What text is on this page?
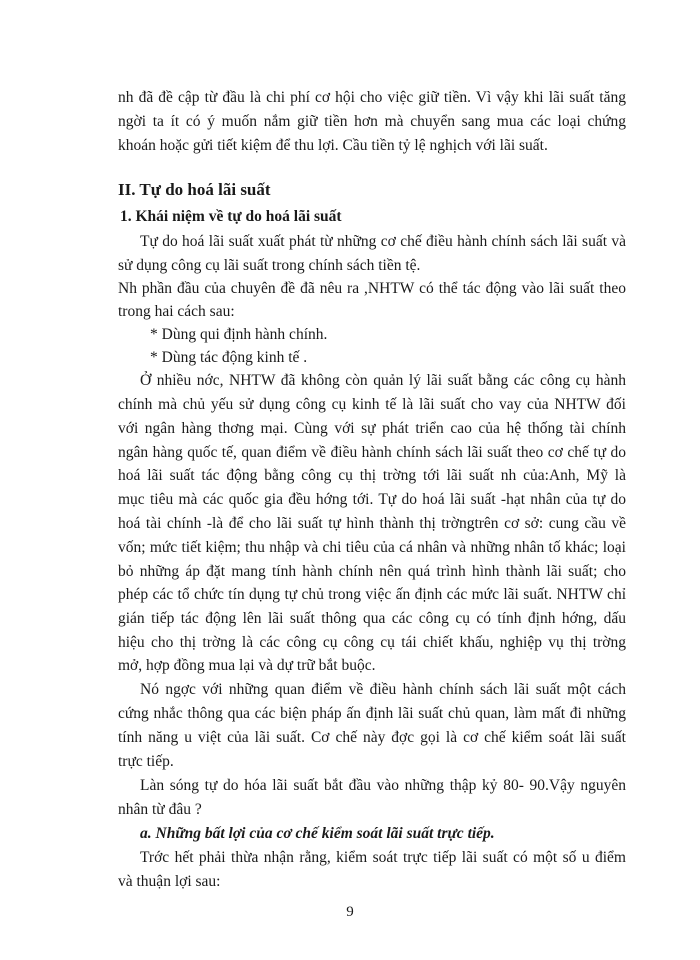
nh đã đề cập từ đầu là chi phí cơ hội cho việc giữ tiền. Vì vậy khi lãi suất tăng
ngời ta ít có ý muốn nắm giữ tiền hơn mà chuyển sang mua các loại chứng
khoán hoặc gửi tiết kiệm để thu lợi. Cầu tiền tỷ lệ nghịch với lãi suất.
II. Tự do hoá lãi suất
1. Khái niệm về tự do hoá lãi suất
Tự do hoá lãi suất xuất phát từ những cơ chế điều hành chính sách lãi suất và
sử dụng công cụ lãi suất trong chính sách tiền tệ.
Nh phần đầu của chuyên đề đã nêu ra ,NHTW có thể tác động vào lãi suất theo
trong hai cách sau:
* Dùng qui định hành chính.
* Dùng tác động kinh tế .
Ở nhiều nớc, NHTW đã không còn quản lý lãi suất bằng các công cụ hành
chính mà chủ yếu sử dụng công cụ kinh tế là lãi suất cho vay của NHTW đối
với ngân hàng thơng mại. Cùng với sự phát triển cao của hệ thống tài chính
ngân hàng quốc tế, quan điểm về điều hành chính sách lãi suất theo cơ chế tự do
hoá lãi suất tác động bằng công cụ thị trờng tới lãi suất nh của:Anh, Mỹ là
mục tiêu mà các quốc gia đều hớng tới. Tự do hoá lãi suất -hạt nhân của tự do
hoá tài chính -là để cho lãi suất tự hình thành thị trờngtrên cơ sở: cung cầu về
vốn; mức tiết kiệm; thu nhập và chi tiêu của cá nhân và những nhân tố khác; loại
bỏ những áp đặt mang tính hành chính nên quá trình hình thành lãi suất; cho
phép các tổ chức tín dụng tự chủ trong việc ấn định các mức lãi suất. NHTW chỉ
gián tiếp tác động lên lãi suất thông qua các công cụ có tính định hớng, dấu
hiệu cho thị trờng là các công cụ công cụ tái chiết khấu, nghiệp vụ thị trờng
mở, hợp đồng mua lại và dự trữ bắt buộc.
Nó ngợc với những quan điểm về điều hành chính sách lãi suất một cách
cứng nhắc thông qua các biện pháp ấn định lãi suất chủ quan, làm mất đi những
tính năng u việt của lãi suất. Cơ chế này đợc gọi là cơ chế kiểm soát lãi suất
trực tiếp.
Làn sóng tự do hóa lãi suất bắt đầu vào những thập kỷ 80- 90.Vậy nguyên
nhân từ đâu ?
a. Những bất lợi của cơ chế kiểm soát lãi suất trực tiếp.
Trớc hết phải thừa nhận rằng, kiểm soát trực tiếp lãi suất có một số u điểm
và thuận lợi sau:
9
